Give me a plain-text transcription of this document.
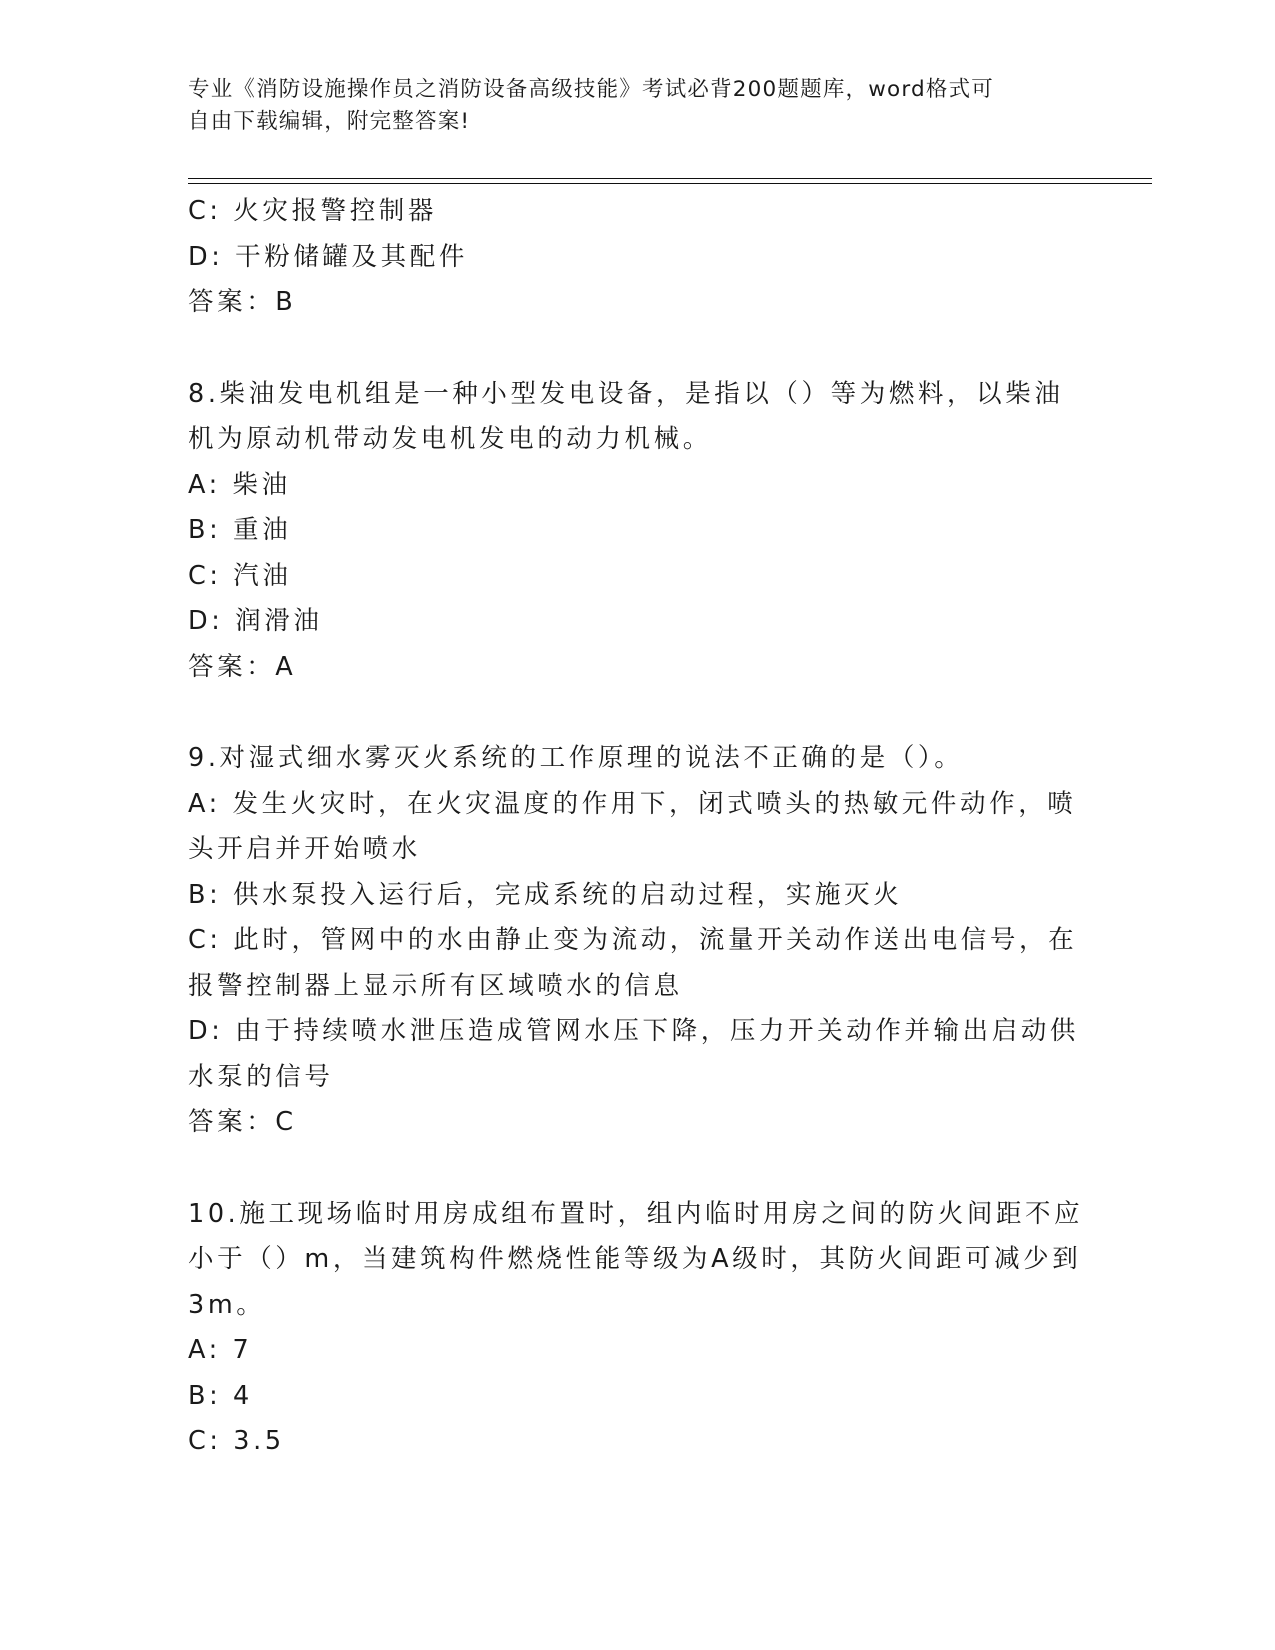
专业《消防设施操作员之消防设备高级技能》考试必背200题题库，word格式可
自由下载编辑，附完整答案!
C: 火灾报警控制器
D: 干粉储罐及其配件
答案：B
8.柴油发电机组是一种小型发电设备，是指以（）等为燃料，以柴油
机为原动机带动发电机发电的动力机械。
A: 柴油
B: 重油
C: 汽油
D: 润滑油
答案：A
9.对湿式细水雾灭火系统的工作原理的说法不正确的是（）。
A: 发生火灾时，在火灾温度的作用下，闭式喷头的热敏元件动作，喷
头开启并开始喷水
B: 供水泵投入运行后，完成系统的启动过程，实施灭火
C: 此时，管网中的水由静止变为流动，流量开关动作送出电信号，在
报警控制器上显示所有区域喷水的信息
D: 由于持续喷水泄压造成管网水压下降，压力开关动作并输出启动供
水泵的信号
答案：C
10.施工现场临时用房成组布置时，组内临时用房之间的防火间距不应
小于（）m，当建筑构件燃烧性能等级为A级时，其防火间距可减少到
3m。
A: 7
B: 4
C: 3.5
